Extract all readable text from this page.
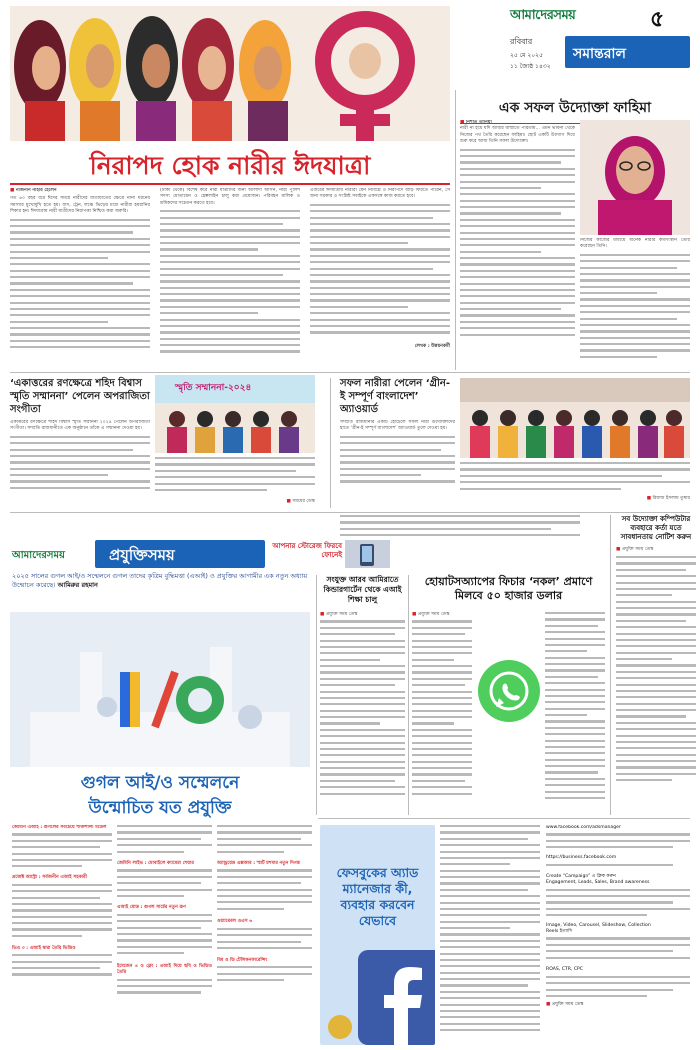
আমাদেরসময়	৫
রবিবার
২৫ মে ২০২৫
১১ জ্যৈষ্ঠ ১৪৩২
সমান্তরাল
নিরাপদ হোক নারীর ঈদযাত্রা
■ নাজনীন নাহার হেলেন
গত ৬০ বছর ধরে ঈদের সময়ে নারীদের যাতায়াতের ক্ষেত্রে নানা ধরনের সমস্যার মুখোমুখি হতে হয়। বাস, ট্রেন, লঞ্চে ভিড়ের মধ্যে নারীরা হয়রানির শিকার হন। ঈদযাত্রায় নারী যাত্রীদের নিরাপত্তা নিশ্চিত করা জরুরি।
(ঢাকা থেকে) বিশেষ করে নারী যাত্রীদের জন্য আলাদা আসন, নারী পুলিশ সদস্য মোতায়েন ও হেল্পলাইন চালু করা প্রয়োজন। পরিবহন মালিক ও শ্রমিকদের সচেতন করতে হবে।
এবারের ঈদযাত্রায় নারীরা যেন নির্বিঘ্নে ও নিরাপদে বাড়ি ফিরতে পারেন, সে জন্য সরকার ও সংশ্লিষ্ট সবাইকে একসঙ্গে কাজ করতে হবে।
লেখক : উন্নয়নকর্মী
এক সফল উদ্যোক্তা ফাহিমা
■ নিশাত তানিয়া
নারী না হয়ে যদি আবার জন্মাতে পারতাম... এমন ভাবনা থেকে নিজের পথ তৈরি করেছেন ফাহিমা। ছোট একটি উদ্যোগ দিয়ে শুরু করে আজ তিনি সফল উদ্যোক্তা।
নিজের কাজের মাধ্যমে অনেক নারীর কর্মসংস্থান তৈরি করেছেন তিনি।
‘একাত্তরের রণক্ষেত্রে শহিদ বিশ্বাস স্মৃতি সম্মাননা’ পেলেন অপরাজিতা সংগীতা
একাত্তরের রণক্ষেত্রে শহিদ বিশ্বাস স্মৃতি সম্মাননা ২০২৪ পেলেন অপরাজিতা সংগীতা। সম্প্রতি রাজধানীতে এক অনুষ্ঠানে তাঁকে এ সম্মাননা দেওয়া হয়।
স্মৃতি সম্মাননা-২০২৪
■ সময়ের ডেস্ক
সফল নারীরা পেলেন ‘গ্রীন-ই সম্পূর্ণ বাংলাদেশ’ অ্যাওয়ার্ড
সম্প্রতি রাজধানীর একটি হোটেলে সফল নারী উদ্যোক্তাদের হাতে ‘গ্রীন-ই সম্পূর্ণ বাংলাদেশ’ অ্যাওয়ার্ড তুলে দেওয়া হয়।
■ রিয়াজ ইসলাম তুষার
আমাদেরসময়	প্রযুক্তিসময়	আপনার স্টোরেজ ফিরবে ফোনেই
সব উদ্যোক্তা কম্পিউটার ব্যবহারে কর্তা যতে সাবধানতায় নোটিশ করুন
■ প্রযুক্তি সময় ডেস্ক
২০২৫ সালের গুগল আই/ও সম্মেলনে গুগল তাদের কৃত্রিম বুদ্ধিমত্তা (এআই) ও প্রযুক্তির আগামীর এক নতুন অধ্যায় উন্মোচন করেছে। আমিরুর রহমান
গুগল আই/ও সম্মেলনে
উন্মোচিত যত প্রযুক্তি
জেমিনি এআই : গুগলের সবচেয়ে শক্তিশালী মডেল
প্রজেক্ট অ্যাস্ট্রা : সর্বজনীন এআই সহকারী
ভিও ৩ : এআই দ্বারা তৈরি ভিডিও
জেমিনি লাইভ : মোবাইলে ক্যামেরা শেয়ার
এআই মোড : গুগল সার্চের নতুন রূপ
ইমেজেন ৪ ও ফ্লো : এআই দিয়ে ছবি ও ভিডিও তৈরি
অ্যান্ড্রয়েড এক্সআর : স্মার্ট চশমার নতুন দিগন্ত
ওয়্যারেবল ওএস ৬
বিম ও ডি টেলিকনফারেন্সিং
সংযুক্ত আরব আমিরাতে কিন্ডারগার্টেন থেকে এআই শিক্ষা চালু
■ প্রযুক্তি সময় ডেস্ক
হোয়াটসঅ্যাপের ফিচার ‘নকল’ প্রমাণে মিলবে ৫০ হাজার ডলার
■ প্রযুক্তি সময় ডেস্ক
ফেসবুকের অ্যাড ম্যানেজার কী, ব্যবহার করবেন যেভাবে
www.facebook.com/adsmanager
https://business.facebook.com
Create “Campaign” এ ক্লিক করুন
Engagement, Leads, Sales, Brand awareness
Image, Video, Carousel, Slideshow, Collection
Reels ইত্যাদি
ROAS, CTR, CPC
■ প্রযুক্তি সময় ডেস্ক
